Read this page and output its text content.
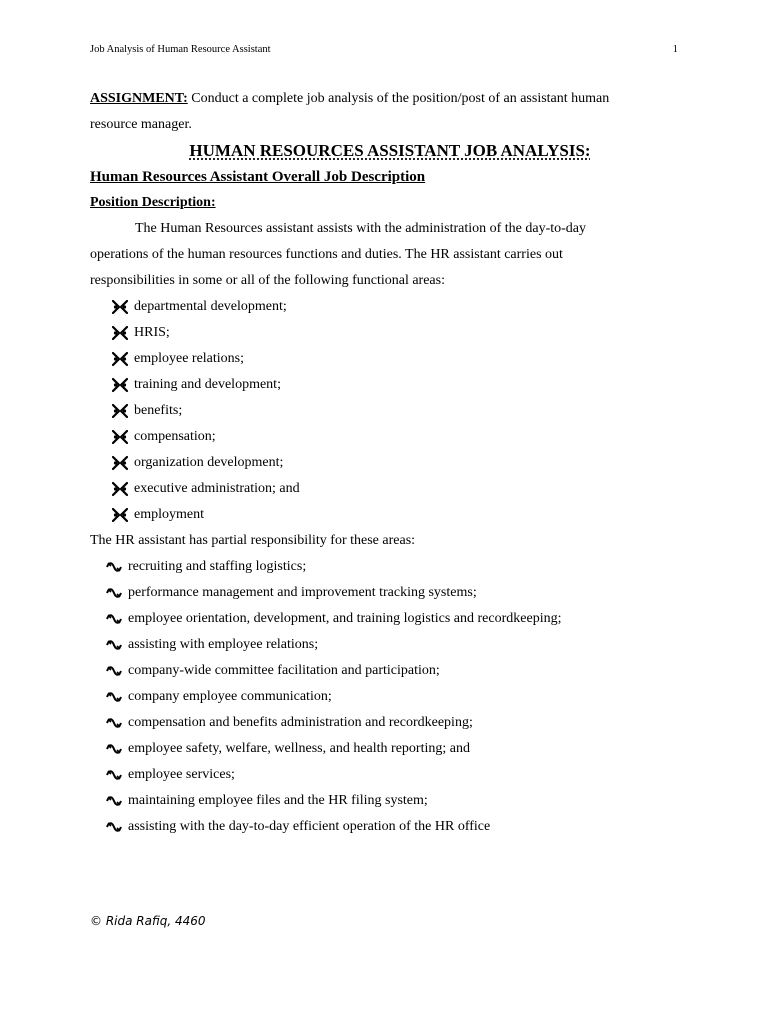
Job Analysis of Human Resource Assistant	1
ASSIGNMENT: Conduct a complete job analysis of the position/post of an assistant human
resource manager.
HUMAN RESOURCES ASSISTANT JOB ANALYSIS:
Human Resources Assistant Overall Job Description
Position Description:
The Human Resources assistant assists with the administration of the day-to-day
operations of the human resources functions and duties. The HR assistant carries out
responsibilities in some or all of the following functional areas:
departmental development;
HRIS;
employee relations;
training and development;
benefits;
compensation;
organization development;
executive administration; and
employment
The HR assistant has partial responsibility for these areas:
recruiting and staffing logistics;
performance management and improvement tracking systems;
employee orientation, development, and training logistics and recordkeeping;
assisting with employee relations;
company-wide committee facilitation and participation;
company employee communication;
compensation and benefits administration and recordkeeping;
employee safety, welfare, wellness, and health reporting; and
employee services;
maintaining employee files and the HR filing system;
assisting with the day-to-day efficient operation of the HR office
© Rida Rafiq, 4460
